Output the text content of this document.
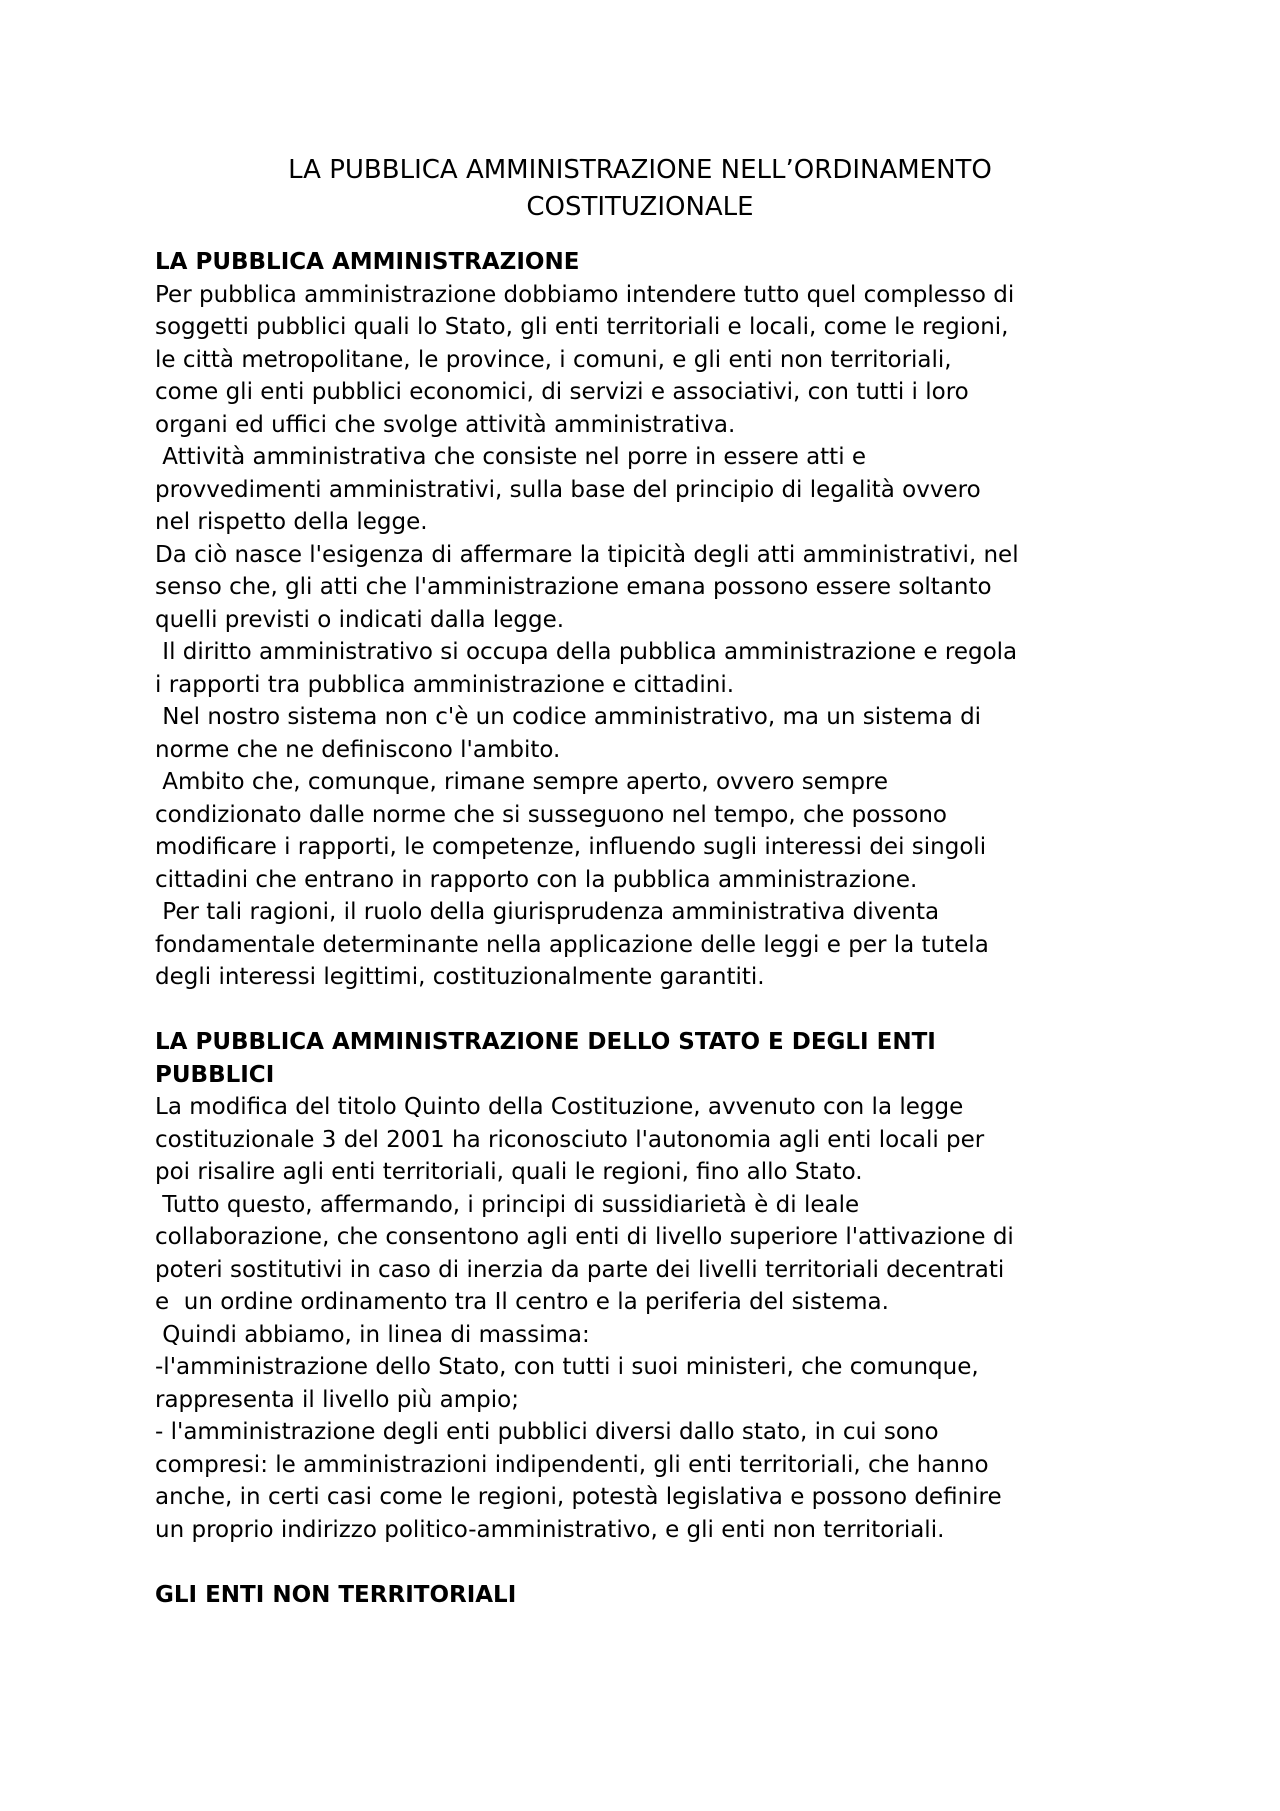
LA PUBBLICA AMMINISTRAZIONE NELL’ORDINAMENTO
COSTITUZIONALE
LA PUBBLICA AMMINISTRAZIONE
Per pubblica amministrazione dobbiamo intendere tutto quel complesso di
soggetti pubblici quali lo Stato, gli enti territoriali e locali, come le regioni,
le città metropolitane, le province, i comuni, e gli enti non territoriali,
come gli enti pubblici economici, di servizi e associativi, con tutti i loro
organi ed uffici che svolge attività amministrativa.
Attività amministrativa che consiste nel porre in essere atti e
provvedimenti amministrativi, sulla base del principio di legalità ovvero
nel rispetto della legge.
Da ciò nasce l'esigenza di affermare la tipicità degli atti amministrativi, nel
senso che, gli atti che l'amministrazione emana possono essere soltanto
quelli previsti o indicati dalla legge.
Il diritto amministrativo si occupa della pubblica amministrazione e regola
i rapporti tra pubblica amministrazione e cittadini.
Nel nostro sistema non c'è un codice amministrativo, ma un sistema di
norme che ne definiscono l'ambito.
Ambito che, comunque, rimane sempre aperto, ovvero sempre
condizionato dalle norme che si susseguono nel tempo, che possono
modificare i rapporti, le competenze, influendo sugli interessi dei singoli
cittadini che entrano in rapporto con la pubblica amministrazione.
Per tali ragioni, il ruolo della giurisprudenza amministrativa diventa
fondamentale determinante nella applicazione delle leggi e per la tutela
degli interessi legittimi, costituzionalmente garantiti.
LA PUBBLICA AMMINISTRAZIONE DELLO STATO E DEGLI ENTI
PUBBLICI
La modifica del titolo Quinto della Costituzione, avvenuto con la legge
costituzionale 3 del 2001 ha riconosciuto l'autonomia agli enti locali per
poi risalire agli enti territoriali, quali le regioni, fino allo Stato.
Tutto questo, affermando, i principi di sussidiarietà è di leale
collaborazione, che consentono agli enti di livello superiore l'attivazione di
poteri sostitutivi in caso di inerzia da parte dei livelli territoriali decentrati
e  un ordine ordinamento tra Il centro e la periferia del sistema.
Quindi abbiamo, in linea di massima:
-l'amministrazione dello Stato, con tutti i suoi ministeri, che comunque,
rappresenta il livello più ampio;
- l'amministrazione degli enti pubblici diversi dallo stato, in cui sono
compresi: le amministrazioni indipendenti, gli enti territoriali, che hanno
anche, in certi casi come le regioni, potestà legislativa e possono definire
un proprio indirizzo politico-amministrativo, e gli enti non territoriali.
GLI ENTI NON TERRITORIALI
